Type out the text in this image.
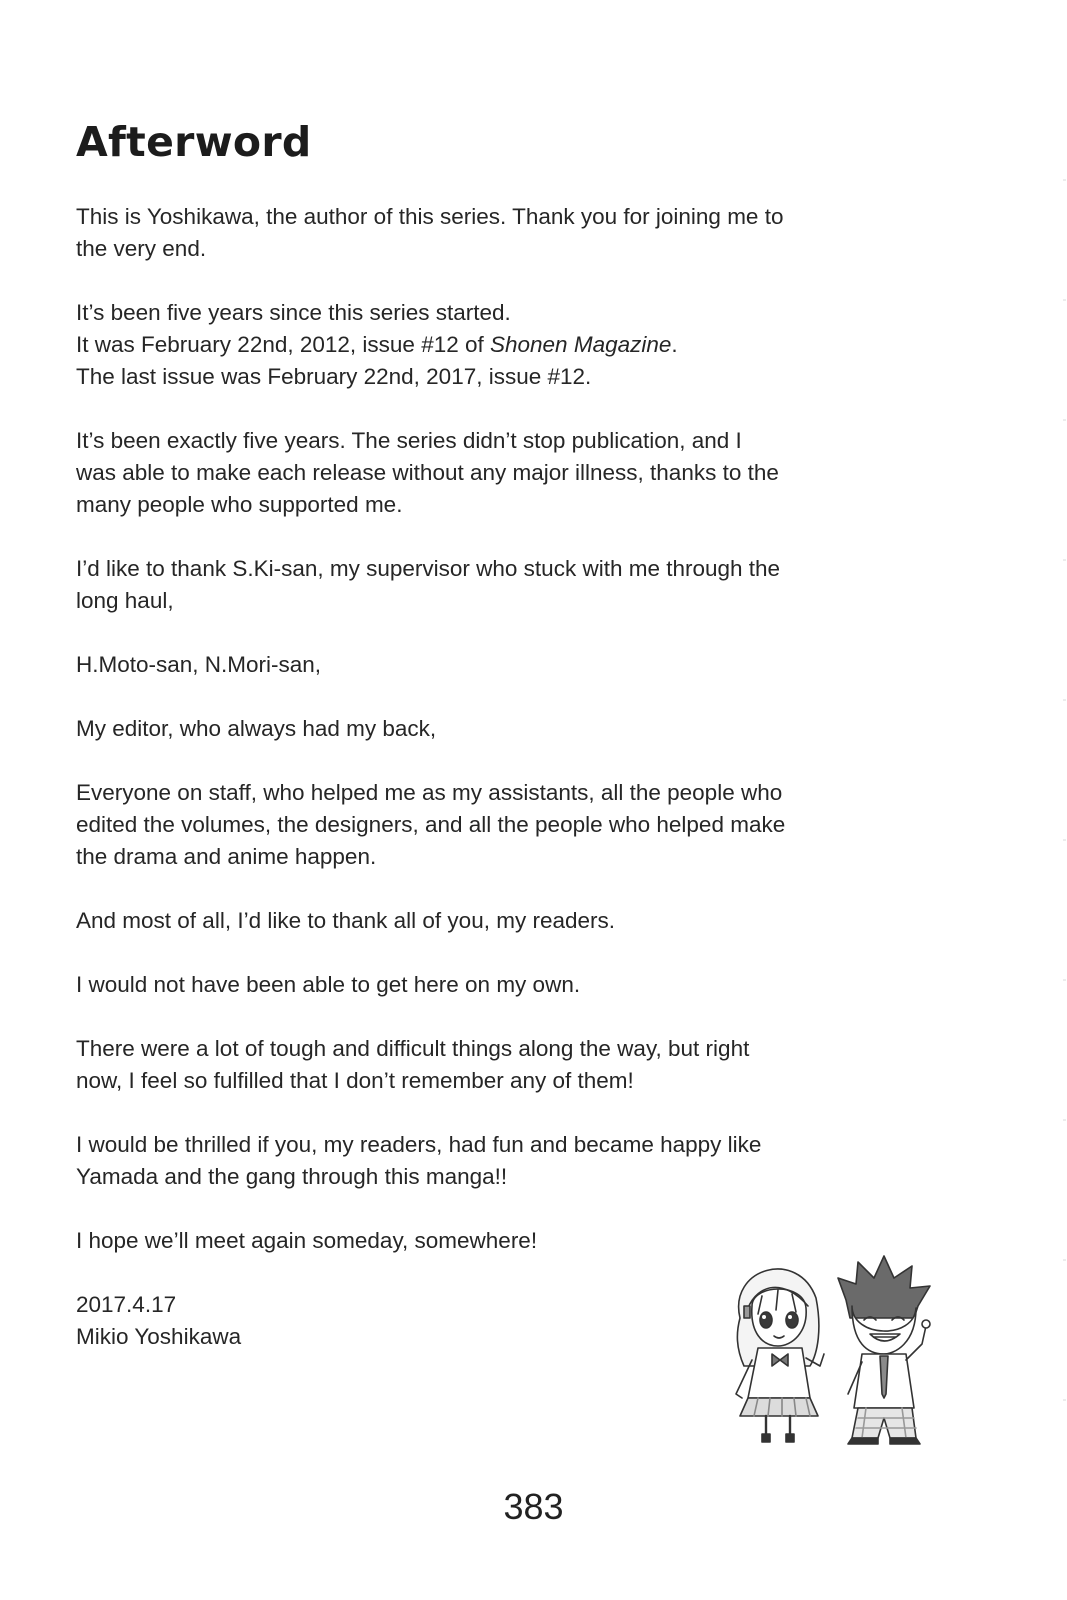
Afterword

This is Yoshikawa, the author of this series. Thank you for joining me to
the very end.

It’s been five years since this series started.
It was February 22nd, 2012, issue #12 of Shonen Magazine.
The last issue was February 22nd, 2017, issue #12.

It’s been exactly five years. The series didn’t stop publication, and I
was able to make each release without any major illness, thanks to the
many people who supported me.

I’d like to thank S.Ki-san, my supervisor who stuck with me through the
long haul,

H.Moto-san, N.Mori-san,

My editor, who always had my back,

Everyone on staff, who helped me as my assistants, all the people who
edited the volumes, the designers, and all the people who helped make
the drama and anime happen.

And most of all, I’d like to thank all of you, my readers.

I would not have been able to get here on my own.

There were a lot of tough and difficult things along the way, but right
now, I feel so fulfilled that I don’t remember any of them!

I would be thrilled if you, my readers, had fun and became happy like
Yamada and the gang through this manga!!

I hope we’ll meet again someday, somewhere!

2017.4.17
Mikio Yoshikawa

383
